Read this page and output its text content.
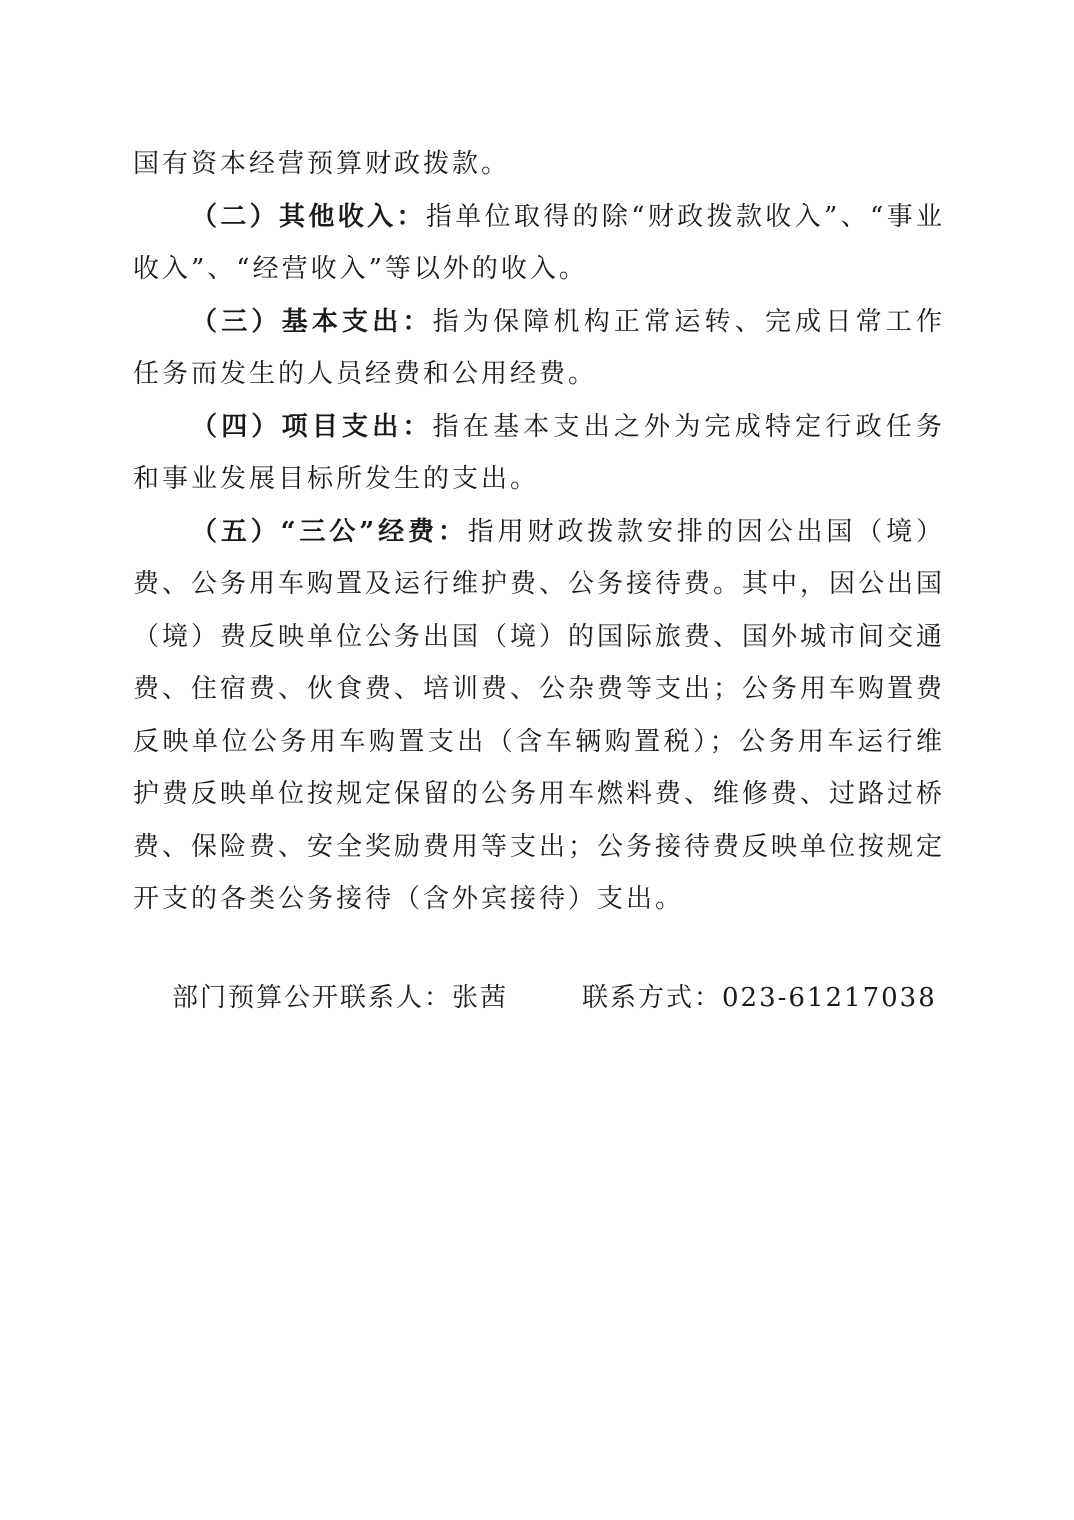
国有资本经营预算财政拨款。

（二）其他收入：指单位取得的除“财政拨款收入”、“事业收入”、“经营收入”等以外的收入。

（三）基本支出：指为保障机构正常运转、完成日常工作任务而发生的人员经费和公用经费。

（四）项目支出：指在基本支出之外为完成特定行政任务和事业发展目标所发生的支出。

（五）“三公”经费：指用财政拨款安排的因公出国（境）费、公务用车购置及运行维护费、公务接待费。其中，因公出国（境）费反映单位公务出国（境）的国际旅费、国外城市间交通费、住宿费、伙食费、培训费、公杂费等支出；公务用车购置费反映单位公务用车购置支出（含车辆购置税）；公务用车运行维护费反映单位按规定保留的公务用车燃料费、维修费、过路过桥费、保险费、安全奖励费用等支出；公务接待费反映单位按规定开支的各类公务接待（含外宾接待）支出。

部门预算公开联系人：张茜	联系方式：023-61217038
